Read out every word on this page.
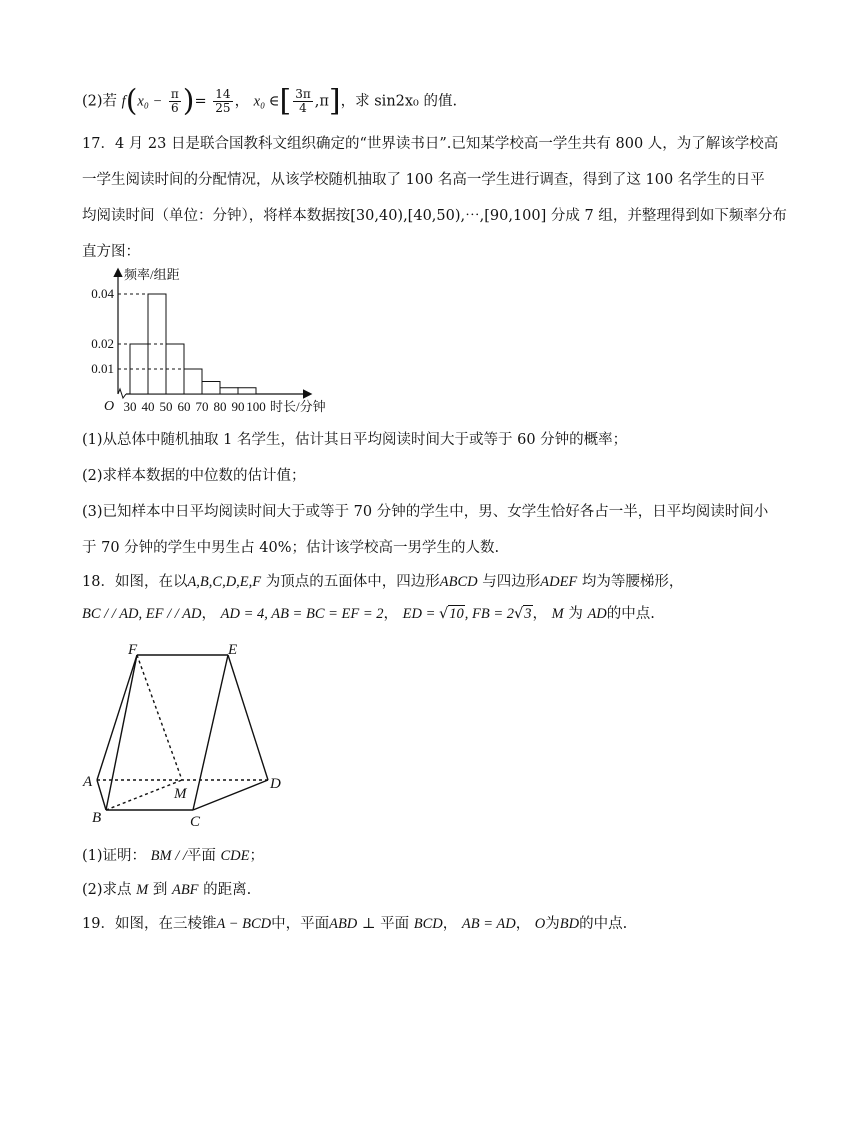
(2)若 $f(x_0 - \frac{\pi}{6}$ )= $\frac{14}{25}$ ， x₀ ∈[ $\frac{3\pi}{4} ,\pi$]，求 sin2x₀ 的值.
17．4 月 23 日是联合国教科文组织确定的“世界读书日”.已知某学校高一学生共有 800 人，为了解该学校高
一学生阅读时间的分配情况，从该学校随机抽取了 100 名高一学生进行调查，得到了这 100 名学生的日平
均阅读时间（单位：分钟），将样本数据按[30,40),[40,50),⋯,[90,100] 分成 7 组，并整理得到如下频率分布
直方图：
0.04
0.02
0.01
30 40 50 60 70 80 90 100 时长/分钟
频率/组距
O
(1)从总体中随机抽取 1 名学生，估计其日平均阅读时间大于或等于 60 分钟的概率；
(2)求样本数据的中位数的估计值；
(3)已知样本中日平均阅读时间大于或等于 70 分钟的学生中，男、女学生恰好各占一半，日平均阅读时间小
于 70 分钟的学生中男生占 40%；估计该学校高一男学生的人数.
18．如图，在以A,B,C,D,E,F 为顶点的五面体中，四边形ABCD 与四边形ADEF 均为等腰梯形，
BC / / AD, EF / / AD， AD = 4, AB = BC = EF = 2， ED = √10, FB = 2√3， M 为 AD的中点.
F	E
A
M
D
B	C
(1)证明： BM / /平面 CDE；
(2)求点 M 到 ABF 的距离.
19．如图，在三棱锥A − BCD中，平面ABD ⊥ 平面 BCD， AB = AD， O为BD的中点.
